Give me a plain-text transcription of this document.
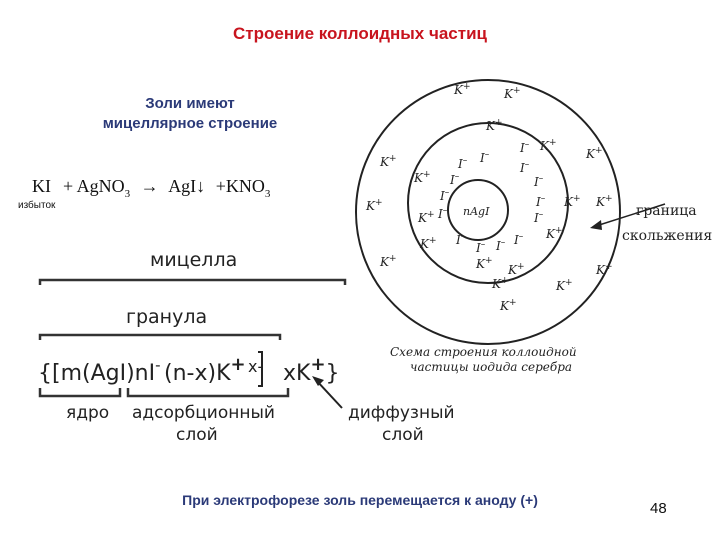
Строение коллоидных частиц
Золи имеют
мицеллярное строение
KI + AgNO$_3$ → AgI↓ $+KNO_3$
избыток
мицелла
гранула
{[m(AgI)nI- (n-x)K+ x- xK+}
ядро адсорбционный
слой
диффузный
слой
nAgI
I– I–
I–
I–
I–
I–
I–
I–
I–
I–
I– I– I–
I–
K+
K+
K+
K+
K+
K+
K+
K+
K+
K+	K+
K+	K+
K+	K+
K+
K+
K+	K+
K+
граница
скольжения
Схема строения коллоидной
частицы иодида серебра
При электрофорезе золь перемещается к аноду (+)	48
